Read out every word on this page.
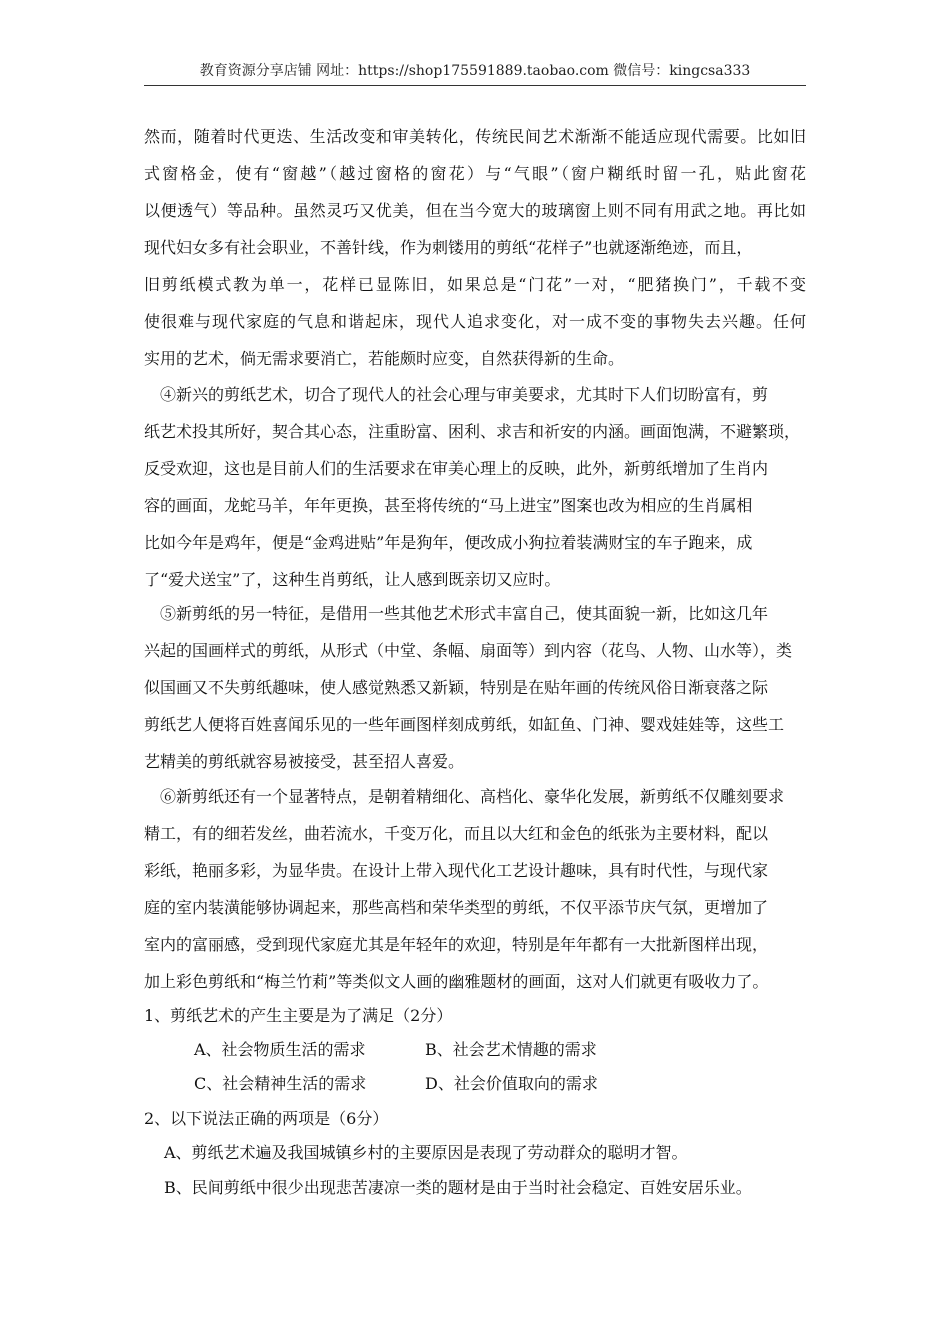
教育资源分享店铺 网址：https://shop175591889.taobao.com 微信号：kingcsa333
然而，随着时代更迭、生活改变和审美转化，传统民间艺术渐渐不能适应现代需要。比如旧
式窗格金，使有“窗越”（越过窗格的窗花）与“气眼”（窗户糊纸时留一孔，贴此窗花
以便透气）等品种。虽然灵巧又优美，但在当今宽大的玻璃窗上则不同有用武之地。再比如
现代妇女多有社会职业，不善针线，作为刺镂用的剪纸“花样子”也就逐渐绝迹，而且，
旧剪纸模式教为单一，花样已显陈旧，如果总是“门花”一对，“肥猪换门”，千载不变
使很难与现代家庭的气息和谐起床，现代人追求变化，对一成不变的事物失去兴趣。任何
实用的艺术，倘无需求要消亡，若能颇时应变，自然获得新的生命。
④新兴的剪纸艺术，切合了现代人的社会心理与审美要求，尤其时下人们切盼富有，剪
纸艺术投其所好，契合其心态，注重盼富、困利、求吉和祈安的内涵。画面饱满，不避繁琐，
反受欢迎，这也是目前人们的生活要求在审美心理上的反映，此外，新剪纸增加了生肖内
容的画面，龙蛇马羊，年年更换，甚至将传统的“马上进宝”图案也改为相应的生肖属相
比如今年是鸡年，便是“金鸡进贴”年是狗年，便改成小狗拉着装满财宝的车子跑来，成
了“爱犬送宝”了，这种生肖剪纸，让人感到既亲切又应时。
⑤新剪纸的另一特征，是借用一些其他艺术形式丰富自己，使其面貌一新，比如这几年
兴起的国画样式的剪纸，从形式（中堂、条幅、扇面等）到内容（花鸟、人物、山水等），类
似国画又不失剪纸趣味，使人感觉熟悉又新颖，特别是在贴年画的传统风俗日渐衰落之际
剪纸艺人便将百姓喜闻乐见的一些年画图样刻成剪纸，如缸鱼、门神、婴戏娃娃等，这些工
艺精美的剪纸就容易被接受，甚至招人喜爱。
⑥新剪纸还有一个显著特点，是朝着精细化、高档化、豪华化发展，新剪纸不仅雕刻要求
精工，有的细若发丝，曲若流水，千变万化，而且以大红和金色的纸张为主要材料，配以
彩纸，艳丽多彩，为显华贵。在设计上带入现代化工艺设计趣味，具有时代性，与现代家
庭的室内装潢能够协调起来，那些高档和荣华类型的剪纸，不仅平添节庆气氛，更增加了
室内的富丽感，受到现代家庭尤其是年轻年的欢迎，特别是年年都有一大批新图样出现，
加上彩色剪纸和“梅兰竹莉”等类似文人画的幽雅题材的画面，这对人们就更有吸收力了。
1、剪纸艺术的产生主要是为了满足（2分）
A、社会物质生活的需求	B、社会艺术情趣的需求
C、社会精神生活的需求	D、社会价值取向的需求
2、以下说法正确的两项是（6分）
A、剪纸艺术遍及我国城镇乡村的主要原因是表现了劳动群众的聪明才智。
B、民间剪纸中很少出现悲苦凄凉一类的题材是由于当时社会稳定、百姓安居乐业。
